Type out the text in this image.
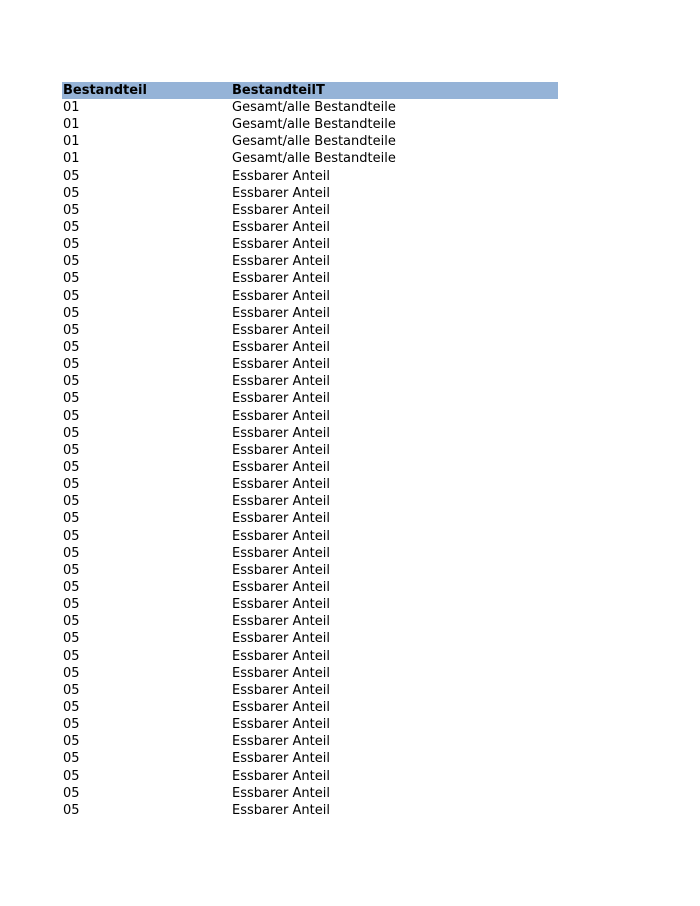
Bestandteil	BestandteilT
01	Gesamt/alle Bestandteile
01	Gesamt/alle Bestandteile
01	Gesamt/alle Bestandteile
01	Gesamt/alle Bestandteile
05	Essbarer Anteil
05	Essbarer Anteil
05	Essbarer Anteil
05	Essbarer Anteil
05	Essbarer Anteil
05	Essbarer Anteil
05	Essbarer Anteil
05	Essbarer Anteil
05	Essbarer Anteil
05	Essbarer Anteil
05	Essbarer Anteil
05	Essbarer Anteil
05	Essbarer Anteil
05	Essbarer Anteil
05	Essbarer Anteil
05	Essbarer Anteil
05	Essbarer Anteil
05	Essbarer Anteil
05	Essbarer Anteil
05	Essbarer Anteil
05	Essbarer Anteil
05	Essbarer Anteil
05	Essbarer Anteil
05	Essbarer Anteil
05	Essbarer Anteil
05	Essbarer Anteil
05	Essbarer Anteil
05	Essbarer Anteil
05	Essbarer Anteil
05	Essbarer Anteil
05	Essbarer Anteil
05	Essbarer Anteil
05	Essbarer Anteil
05	Essbarer Anteil
05	Essbarer Anteil
05	Essbarer Anteil
05	Essbarer Anteil
05	Essbarer Anteil
